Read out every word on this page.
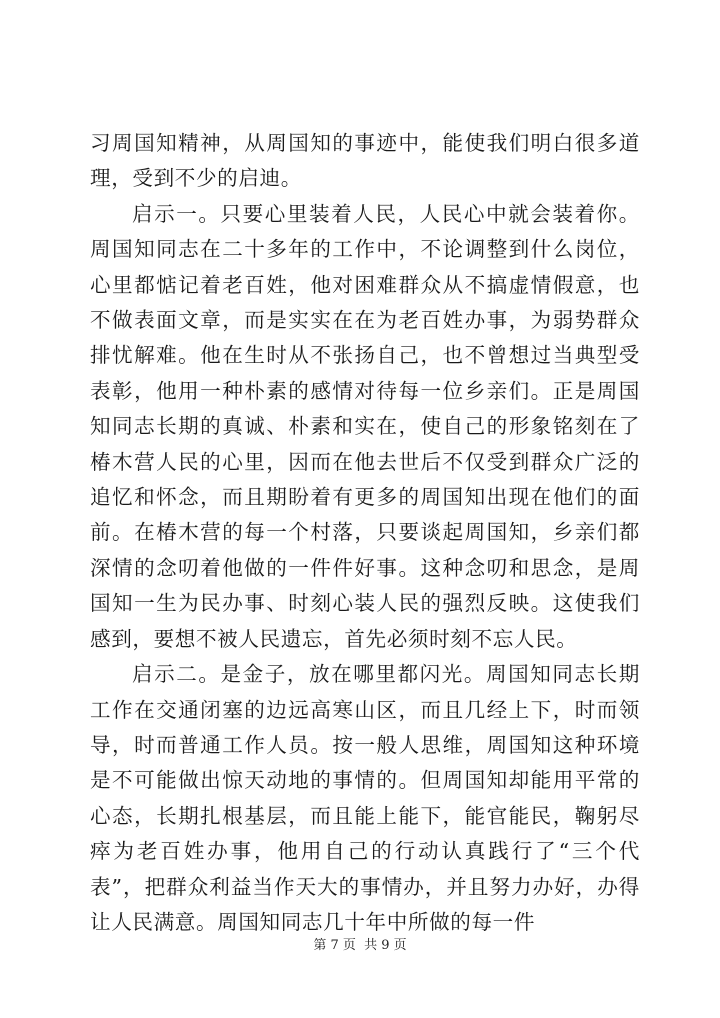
习周国知精神，从周国知的事迹中，能使我们明白很多道理，受到不少的启迪。

启示一。只要心里装着人民，人民心中就会装着你。周国知同志在二十多年的工作中，不论调整到什么岗位，心里都惦记着老百姓，他对困难群众从不搞虚情假意，也不做表面文章，而是实实在在为老百姓办事，为弱势群众排忧解难。他在生时从不张扬自己，也不曾想过当典型受表彰，他用一种朴素的感情对待每一位乡亲们。正是周国知同志长期的真诚、朴素和实在，使自己的形象铭刻在了椿木营人民的心里，因而在他去世后不仅受到群众广泛的追忆和怀念，而且期盼着有更多的周国知出现在他们的面前。在椿木营的每一个村落，只要谈起周国知，乡亲们都深情的念叨着他做的一件件好事。这种念叨和思念，是周国知一生为民办事、时刻心装人民的强烈反映。这使我们感到，要想不被人民遗忘，首先必须时刻不忘人民。

启示二。是金子，放在哪里都闪光。周国知同志长期工作在交通闭塞的边远高寒山区，而且几经上下，时而领导，时而普通工作人员。按一般人思维，周国知这种环境是不可能做出惊天动地的事情的。但周国知却能用平常的心态，长期扎根基层，而且能上能下，能官能民，鞠躬尽瘁为老百姓办事，他用自己的行动认真践行了“三个代表”，把群众利益当作天大的事情办，并且努力办好，办得让人民满意。周国知同志几十年中所做的每一件

第 7 页  共 9 页
